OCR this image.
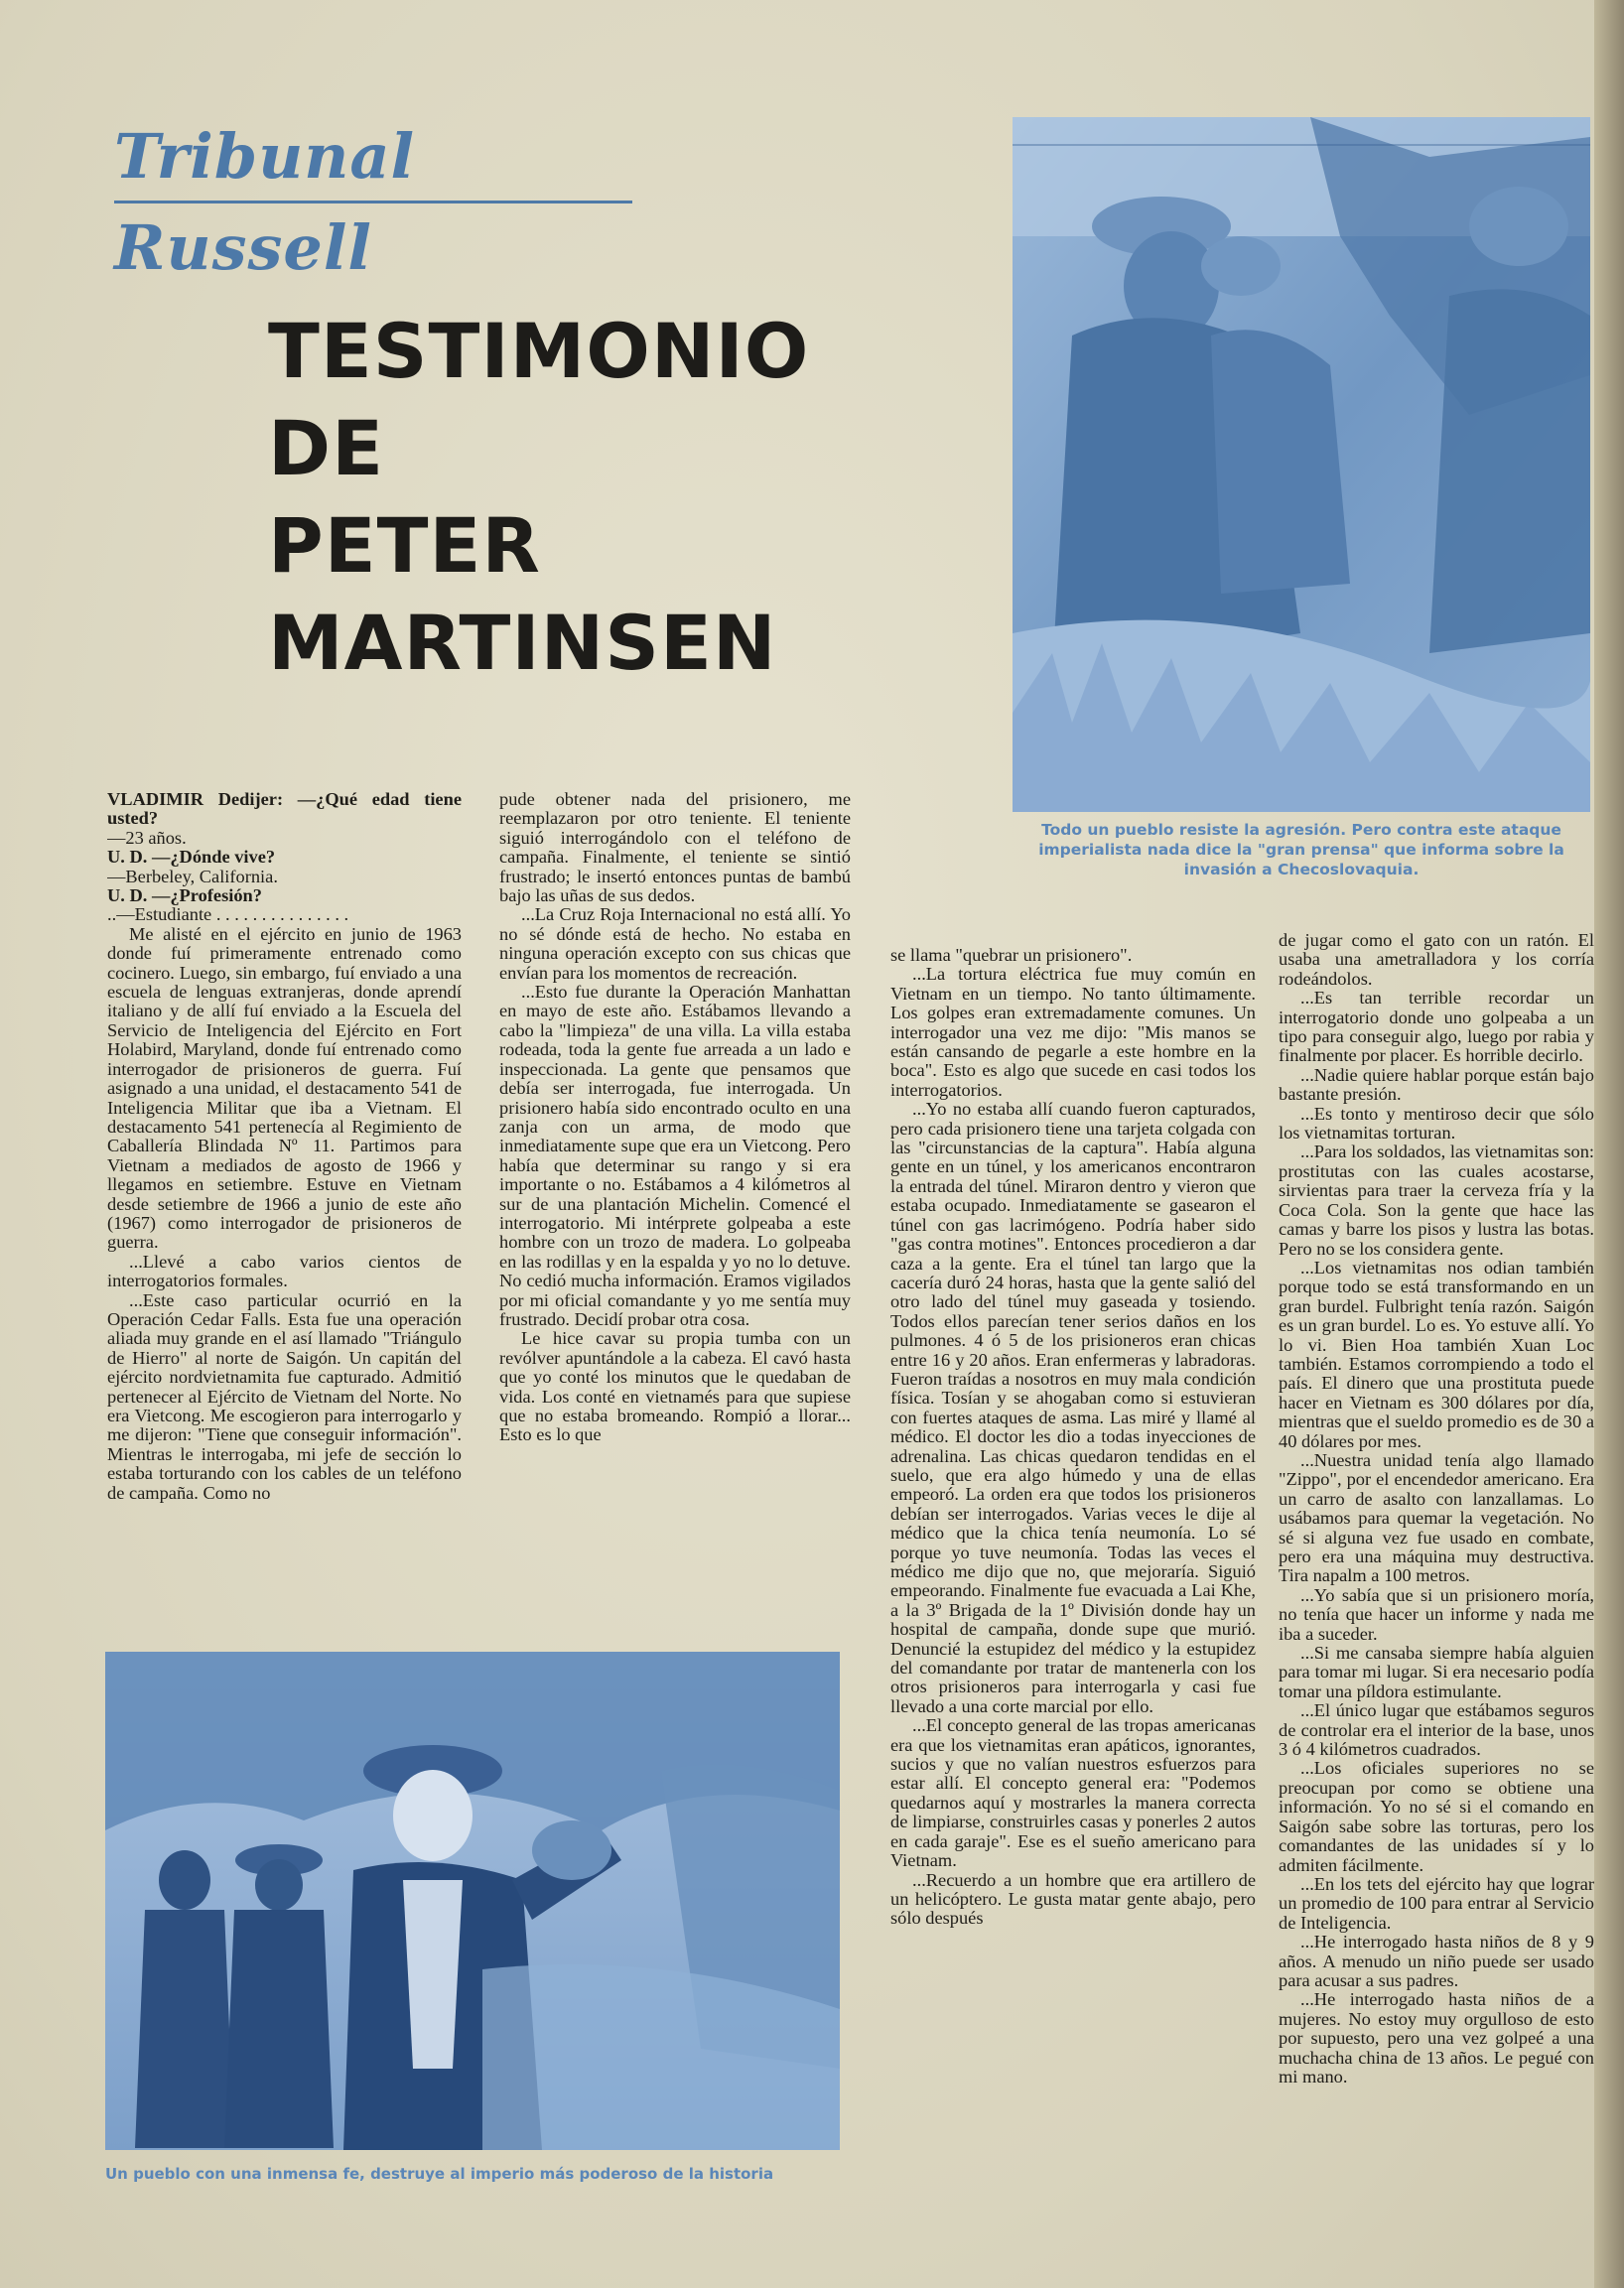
Tribunal Russell
TESTIMONIO
DE
PETER
MARTINSEN
Todo un pueblo resiste la agresión. Pero contra este ataque imperialista nada dice la "gran prensa" que informa sobre la invasión a Checoslovaquia.
Un pueblo con una inmensa fe, destruye al imperio más poderoso de la historia

VLADIMIR Dedijer: —¿Qué edad tiene usted?

—23 años.

U. D. —¿Dónde vive?

—Berbeley, California.

U. D. —¿Profesión?

..—Estudiante . . . . . . . . . . . . . . .

Me alisté en el ejército en junio de 1963 donde fuí primeramente entrenado como cocinero. Luego, sin embargo, fuí enviado a una escuela de lenguas extranjeras, donde aprendí italiano y de allí fuí enviado a la Escuela del Servicio de Inteligencia del Ejército en Fort Holabird, Maryland, donde fuí entrenado como interrogador de prisioneros de guerra. Fuí asignado a una unidad, el destacamento 541 de Inteligencia Militar que iba a Vietnam. El destacamento 541 pertenecía al Regimiento de Caballería Blindada Nº 11. Partimos para Vietnam a mediados de agosto de 1966 y llegamos en setiembre. Estuve en Vietnam desde setiembre de 1966 a junio de este año (1967) como interrogador de prisioneros de guerra.

...Llevé a cabo varios cientos de interrogatorios formales.

...Este caso particular ocurrió en la Operación Cedar Falls. Esta fue una operación aliada muy grande en el así llamado "Triángulo de Hierro" al norte de Saigón. Un capitán del ejército nordvietnamita fue capturado. Admitió pertenecer al Ejército de Vietnam del Norte. No era Vietcong. Me escogieron para interrogarlo y me dijeron: "Tiene que conseguir información". Mientras le interrogaba, mi jefe de sección lo estaba torturando con los cables de un teléfono de campaña. Como no

pude obtener nada del prisionero, me reemplazaron por otro teniente. El teniente siguió interrogándolo con el teléfono de campaña. Finalmente, el teniente se sintió frustrado; le insertó entonces puntas de bambú bajo las uñas de sus dedos.

...La Cruz Roja Internacional no está allí. Yo no sé dónde está de hecho. No estaba en ninguna operación excepto con sus chicas que envían para los momentos de recreación.

...Esto fue durante la Operación Manhattan en mayo de este año. Estábamos llevando a cabo la "limpieza" de una villa. La villa estaba rodeada, toda la gente fue arreada a un lado e inspeccionada. La gente que pensamos que debía ser interrogada, fue interrogada. Un prisionero había sido encontrado oculto en una zanja con un arma, de modo que inmediatamente supe que era un Vietcong. Pero había que determinar su rango y si era importante o no. Estábamos a 4 kilómetros al sur de una plantación Michelin. Comencé el interrogatorio. Mi intérprete golpeaba a este hombre con un trozo de madera. Lo golpeaba en las rodillas y en la espalda y yo no lo detuve. No cedió mucha información. Eramos vigilados por mi oficial comandante y yo me sentía muy frustrado. Decidí probar otra cosa.

Le hice cavar su propia tumba con un revólver apuntándole a la cabeza. El cavó hasta que yo conté los minutos que le quedaban de vida. Los conté en vietnamés para que supiese que no estaba bromeando. Rompió a llorar... Esto es lo que

se llama "quebrar un prisionero".

...La tortura eléctrica fue muy común en Vietnam en un tiempo. No tanto últimamente. Los golpes eran extremadamente comunes. Un interrogador una vez me dijo: "Mis manos se están cansando de pegarle a este hombre en la boca". Esto es algo que sucede en casi todos los interrogatorios.

...Yo no estaba allí cuando fueron capturados, pero cada prisionero tiene una tarjeta colgada con las "circunstancias de la captura". Había alguna gente en un túnel, y los americanos encontraron la entrada del túnel. Miraron dentro y vieron que estaba ocupado. Inmediatamente se gasearon el túnel con gas lacrimógeno. Podría haber sido "gas contra motines". Entonces procedieron a dar caza a la gente. Era el túnel tan largo que la cacería duró 24 horas, hasta que la gente salió del otro lado del túnel muy gaseada y tosiendo. Todos ellos parecían tener serios daños en los pulmones. 4 ó 5 de los prisioneros eran chicas entre 16 y 20 años. Eran enfermeras y labradoras. Fueron traídas a nosotros en muy mala condición física. Tosían y se ahogaban como si estuvieran con fuertes ataques de asma. Las miré y llamé al médico. El doctor les dio a todas inyecciones de adrenalina. Las chicas quedaron tendidas en el suelo, que era algo húmedo y una de ellas empeoró. La orden era que todos los prisioneros debían ser interrogados. Varias veces le dije al médico que la chica tenía neumonía. Lo sé porque yo tuve neumonía. Todas las veces el médico me dijo que no, que mejoraría. Siguió empeorando. Finalmente fue evacuada a Lai Khe, a la 3º Brigada de la 1º División donde hay un hospital de campaña, donde supe que murió. Denuncié la estupidez del médico y la estupidez del comandante por tratar de mantenerla con los otros prisioneros para interrogarla y casi fue llevado a una corte marcial por ello.

...El concepto general de las tropas americanas era que los vietnamitas eran apáticos, ignorantes, sucios y que no valían nuestros esfuerzos para estar allí. El concepto general era: "Podemos quedarnos aquí y mostrarles la manera correcta de limpiarse, construirles casas y ponerles 2 autos en cada garaje". Ese es el sueño americano para Vietnam.

...Recuerdo a un hombre que era artillero de un helicóptero. Le gusta matar gente abajo, pero sólo después

de jugar como el gato con un ratón. El usaba una ametralladora y los corría rodeándolos.

...Es tan terrible recordar un interrogatorio donde uno golpeaba a un tipo para conseguir algo, luego por rabia y finalmente por placer. Es horrible decirlo.

...Nadie quiere hablar porque están bajo bastante presión.

...Es tonto y mentiroso decir que sólo los vietnamitas torturan.

...Para los soldados, las vietnamitas son: prostitutas con las cuales acostarse, sirvientas para traer la cerveza fría y la Coca Cola. Son la gente que hace las camas y barre los pisos y lustra las botas. Pero no se los considera gente.

...Los vietnamitas nos odian también porque todo se está transformando en un gran burdel. Fulbright tenía razón. Saigón es un gran burdel. Lo es. Yo estuve allí. Yo lo vi. Bien Hoa también Xuan Loc también. Estamos corrompiendo a todo el país. El dinero que una prostituta puede hacer en Vietnam es 300 dólares por día, mientras que el sueldo promedio es de 30 a 40 dólares por mes.

...Nuestra unidad tenía algo llamado "Zippo", por el encendedor americano. Era un carro de asalto con lanzallamas. Lo usábamos para quemar la vegetación. No sé si alguna vez fue usado en combate, pero era una máquina muy destructiva. Tira napalm a 100 metros.

...Yo sabía que si un prisionero moría, no tenía que hacer un informe y nada me iba a suceder.

...Si me cansaba siempre había alguien para tomar mi lugar. Si era necesario podía tomar una píldora estimulante.

...El único lugar que estábamos seguros de controlar era el interior de la base, unos 3 ó 4 kilómetros cuadrados.

...Los oficiales superiores no se preocupan por como se obtiene una información. Yo no sé si el comando en Saigón sabe sobre las torturas, pero los comandantes de las unidades sí y lo admiten fácilmente.

...En los tets del ejército hay que lograr un promedio de 100 para entrar al Servicio de Inteligencia.

...He interrogado hasta niños de 8 y 9 años. A menudo un niño puede ser usado para acusar a sus padres.

...He interrogado hasta niños de a mujeres. No estoy muy orgulloso de esto por supuesto, pero una vez golpeé a una muchacha china de 13 años. Le pegué con mi mano.
